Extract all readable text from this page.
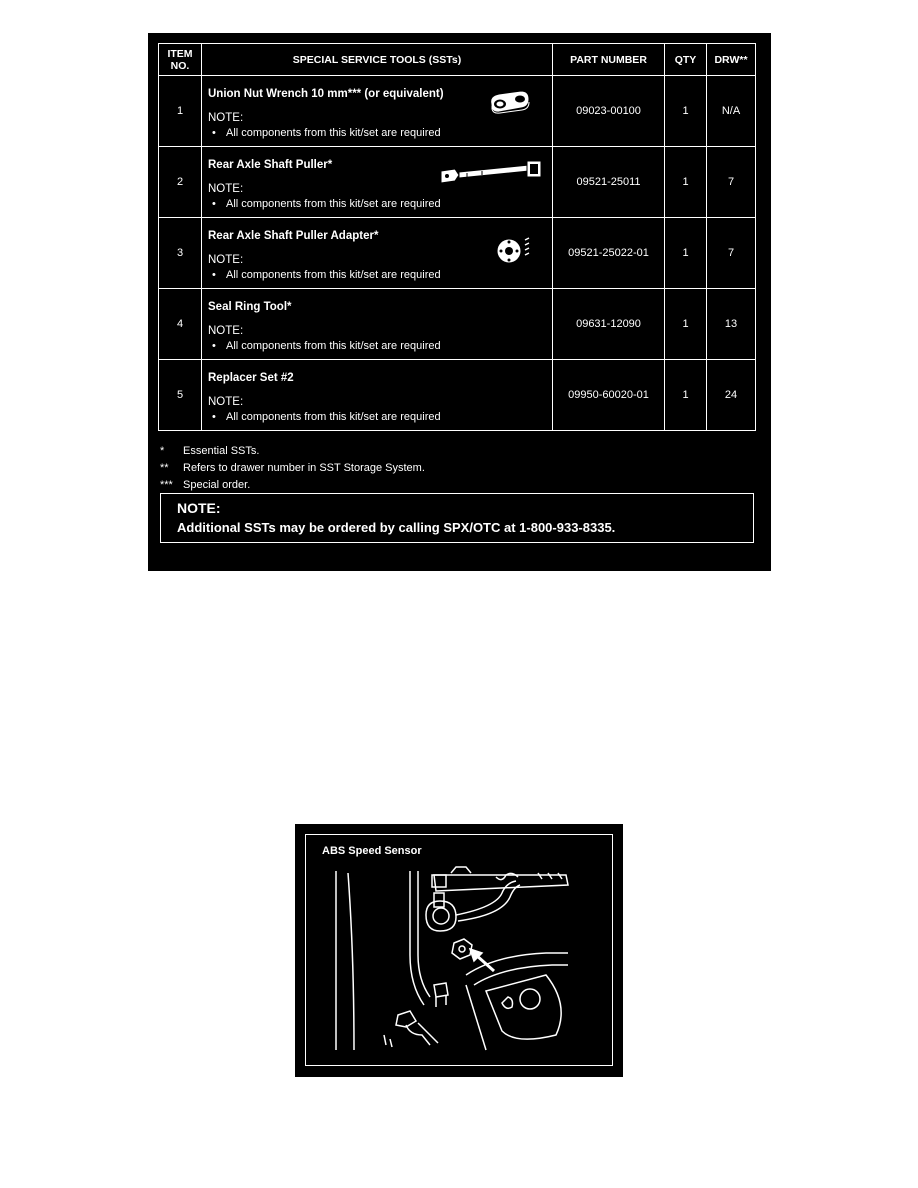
ITEM
NO.	SPECIAL SERVICE TOOLS (SSTs)	PART NUMBER	QTY	DRW**
1	Union Nut Wrench 10 mm*** (or equivalent)
NOTE:
• All components from this kit/set are required	09023-00100	1	N/A
2	Rear Axle Shaft Puller*
NOTE:
• All components from this kit/set are required	09521-25011	1	7
3	Rear Axle Shaft Puller Adapter*
NOTE:
• All components from this kit/set are required	09521-25022-01	1	7
4	Seal Ring Tool*
NOTE:
• All components from this kit/set are required	09631-12090	1	13
5	Replacer Set #2
NOTE:
• All components from this kit/set are required	09950-60020-01	1	24
*	Essential SSTs.
**	Refers to drawer number in SST Storage System.
*** Special order.
NOTE:
Additional SSTs may be ordered by calling SPX/OTC at 1-800-933-8335.
ABS Speed Sensor
